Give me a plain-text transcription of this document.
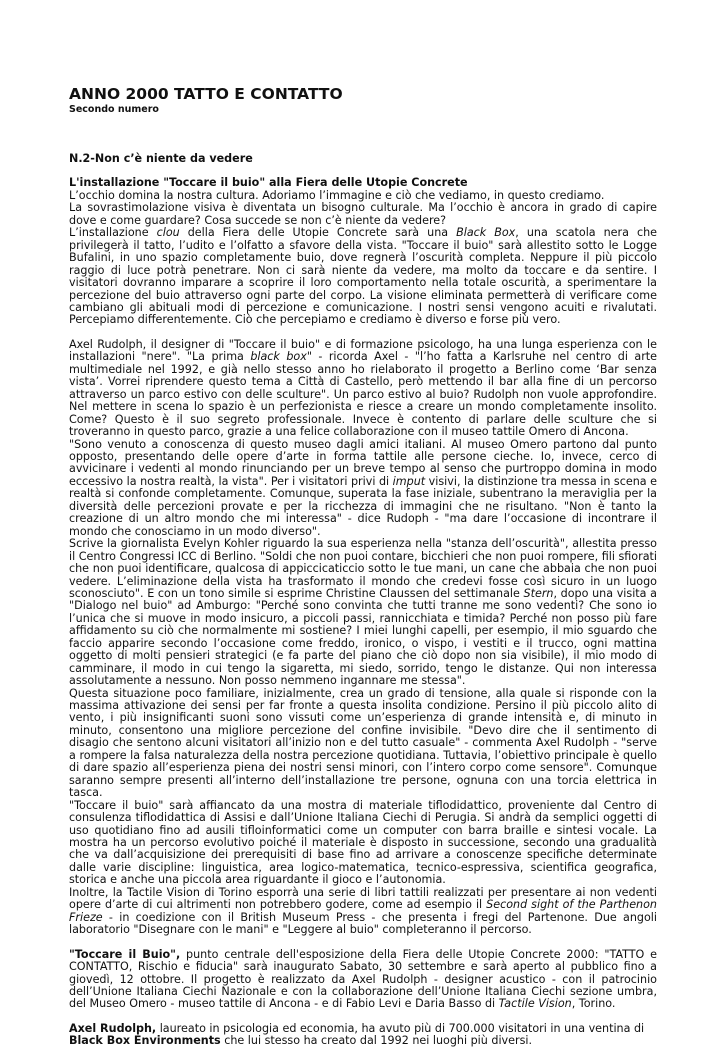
ANNO 2000 TATTO E CONTATTO
Secondo numero
N.2-Non c’è niente da vedere
L'installazione "Toccare il buio" alla Fiera delle Utopie Concrete

L’occhio domina la nostra cultura. Adoriamo l’immagine e ciò che vediamo, in questo crediamo.

La sovrastimolazione visiva è diventata un bisogno culturale. Ma l’occhio è ancora in grado di capire dove e come guardare? Cosa succede se non c’è niente da vedere?

L’installazione clou della Fiera delle Utopie Concrete sarà una Black Box, una scatola nera che privilegerà il tatto, l’udito e l’olfatto a sfavore della vista. "Toccare il buio" sarà allestito sotto le Logge Bufalini, in uno spazio completamente buio, dove regnerà l’oscurità completa. Neppure il più piccolo raggio di luce potrà penetrare. Non ci sarà niente da vedere, ma molto da toccare e da sentire. I visitatori dovranno imparare a scoprire il loro comportamento nella totale oscurità, a sperimentare la percezione del buio attraverso ogni parte del corpo. La visione eliminata permetterà di verificare come cambiano gli abituali modi di percezione e comunicazione. I nostri sensi vengono acuiti e rivalutati. Percepiamo differentemente. Ciò che percepiamo e crediamo è diverso e forse più vero.

Axel Rudolph, il designer di "Toccare il buio" e di formazione psicologo, ha una lunga esperienza con le installazioni "nere". "La prima black box" - ricorda Axel - "l’ho fatta a Karlsruhe nel centro di arte multimediale nel 1992, e già nello stesso anno ho rielaborato il progetto a Berlino come ‘Bar senza vista’. Vorrei riprendere questo tema a Città di Castello, però mettendo il bar alla fine di un percorso attraverso un parco estivo con delle sculture". Un parco estivo al buio? Rudolph non vuole approfondire. Nel mettere in scena lo spazio è un perfezionista e riesce a creare un mondo completamente insolito. Come? Questo è il suo segreto professionale. Invece è contento di parlare delle sculture che si troveranno in questo parco, grazie a una felice collaborazione con il museo tattile Omero di Ancona.

"Sono venuto a conoscenza di questo museo dagli amici italiani. Al museo Omero partono dal punto opposto, presentando delle opere d’arte in forma tattile alle persone cieche. Io, invece, cerco di avvicinare i vedenti al mondo rinunciando per un breve tempo al senso che purtroppo domina in modo eccessivo la nostra realtà, la vista". Per i visitatori privi di imput visivi, la distinzione tra messa in scena e realtà si confonde completamente. Comunque, superata la fase iniziale, subentrano la meraviglia per la diversità delle percezioni provate e per la ricchezza di immagini che ne risultano. "Non è tanto la creazione di un altro mondo che mi interessa" - dice Rudoph - "ma dare l’occasione di incontrare il mondo che conosciamo in un modo diverso".

Scrive la giornalista Evelyn Kohler riguardo la sua esperienza nella "stanza dell’oscurità", allestita presso il Centro Congressi ICC di Berlino. "Soldi che non puoi contare, bicchieri che non puoi rompere, fili sfiorati che non puoi identificare, qualcosa di appiccicaticcio sotto le tue mani, un cane che abbaia che non puoi vedere. L’eliminazione della vista ha trasformato il mondo che credevi fosse così sicuro in un luogo sconosciuto". E con un tono simile si esprime Christine Claussen del settimanale Stern, dopo una visita a "Dialogo nel buio" ad Amburgo: "Perché sono convinta che tutti tranne me sono vedenti? Che sono io l’unica che si muove in modo insicuro, a piccoli passi, rannicchiata e timida? Perché non posso più fare affidamento su ciò che normalmente mi sostiene? I miei lunghi capelli, per esempio, il mio sguardo che faccio apparire secondo l’occasione come freddo, ironico, o vispo, i vestiti e il trucco, ogni mattina oggetto di molti pensieri strategici (e fa parte del piano che ciò dopo non sia visibile), il mio modo di camminare, il modo in cui tengo la sigaretta, mi siedo, sorrido, tengo le distanze. Qui non interessa assolutamente a nessuno. Non posso nemmeno ingannare me stessa".

Questa situazione poco familiare, inizialmente, crea un grado di tensione, alla quale si risponde con la massima attivazione dei sensi per far fronte a questa insolita condizione. Persino il più piccolo alito di vento, i più insignificanti suoni sono vissuti come un’esperienza di grande intensità e, di minuto in minuto, consentono una migliore percezione del confine invisibile. "Devo dire che il sentimento di disagio che sentono alcuni visitatori all’inizio non e del tutto casuale" - commenta Axel Rudolph - "serve a rompere la falsa naturalezza della nostra percezione quotidiana. Tuttavia, l’obiettivo principale è quello di dare spazio all’esperienza piena dei nostri sensi minori, con l’intero corpo come sensore". Comunque saranno sempre presenti all’interno dell’installazione tre persone, ognuna con una torcia elettrica in tasca.

"Toccare il buio" sarà affiancato da una mostra di materiale tiflodidattico, proveniente dal Centro di consulenza tiflodidattica di Assisi e dall’Unione Italiana Ciechi di Perugia. Si andrà da semplici oggetti di uso quotidiano fino ad ausili tifloinformatici come un computer con barra braille e sintesi vocale. La mostra ha un percorso evolutivo poiché il materiale è disposto in successione, secondo una gradualità che va dall’acquisizione dei prerequisiti di base fino ad arrivare a conoscenze specifiche determinate dalle varie discipline: linguistica, area logico-matematica, tecnico-espressiva, scientifica geografica, storica e anche una piccola area riguardante il gioco e l’autonomia.

Inoltre, la Tactile Vision di Torino esporrà una serie di libri tattili realizzati per presentare ai non vedenti opere d’arte di cui altrimenti non potrebbero godere, come ad esempio il Second sight of the Parthenon Frieze - in coedizione con il British Museum Press - che presenta i fregi del Partenone. Due angoli laboratorio "Disegnare con le mani" e "Leggere al buio" completeranno il percorso.

"Toccare il Buio", punto centrale dell'esposizione della Fiera delle Utopie Concrete 2000: "TATTO e CONTATTO, Rischio e fiducia" sarà inaugurato Sabato, 30 settembre e sarà aperto al pubblico fino a giovedì, 12 ottobre. Il progetto è realizzato da Axel Rudolph - designer acustico - con il patrocinio dell’Unione Italiana Ciechi Nazionale e con la collaborazione dell’Unione Italiana Ciechi sezione umbra, del Museo Omero - museo tattile di Ancona - e di Fabio Levi e Daria Basso di Tactile Vision, Torino.

Axel Rudolph, laureato in psicologia ed economia, ha avuto più di 700.000 visitatori in una ventina di Black Box Environments che lui stesso ha creato dal 1992 nei luoghi più diversi.
